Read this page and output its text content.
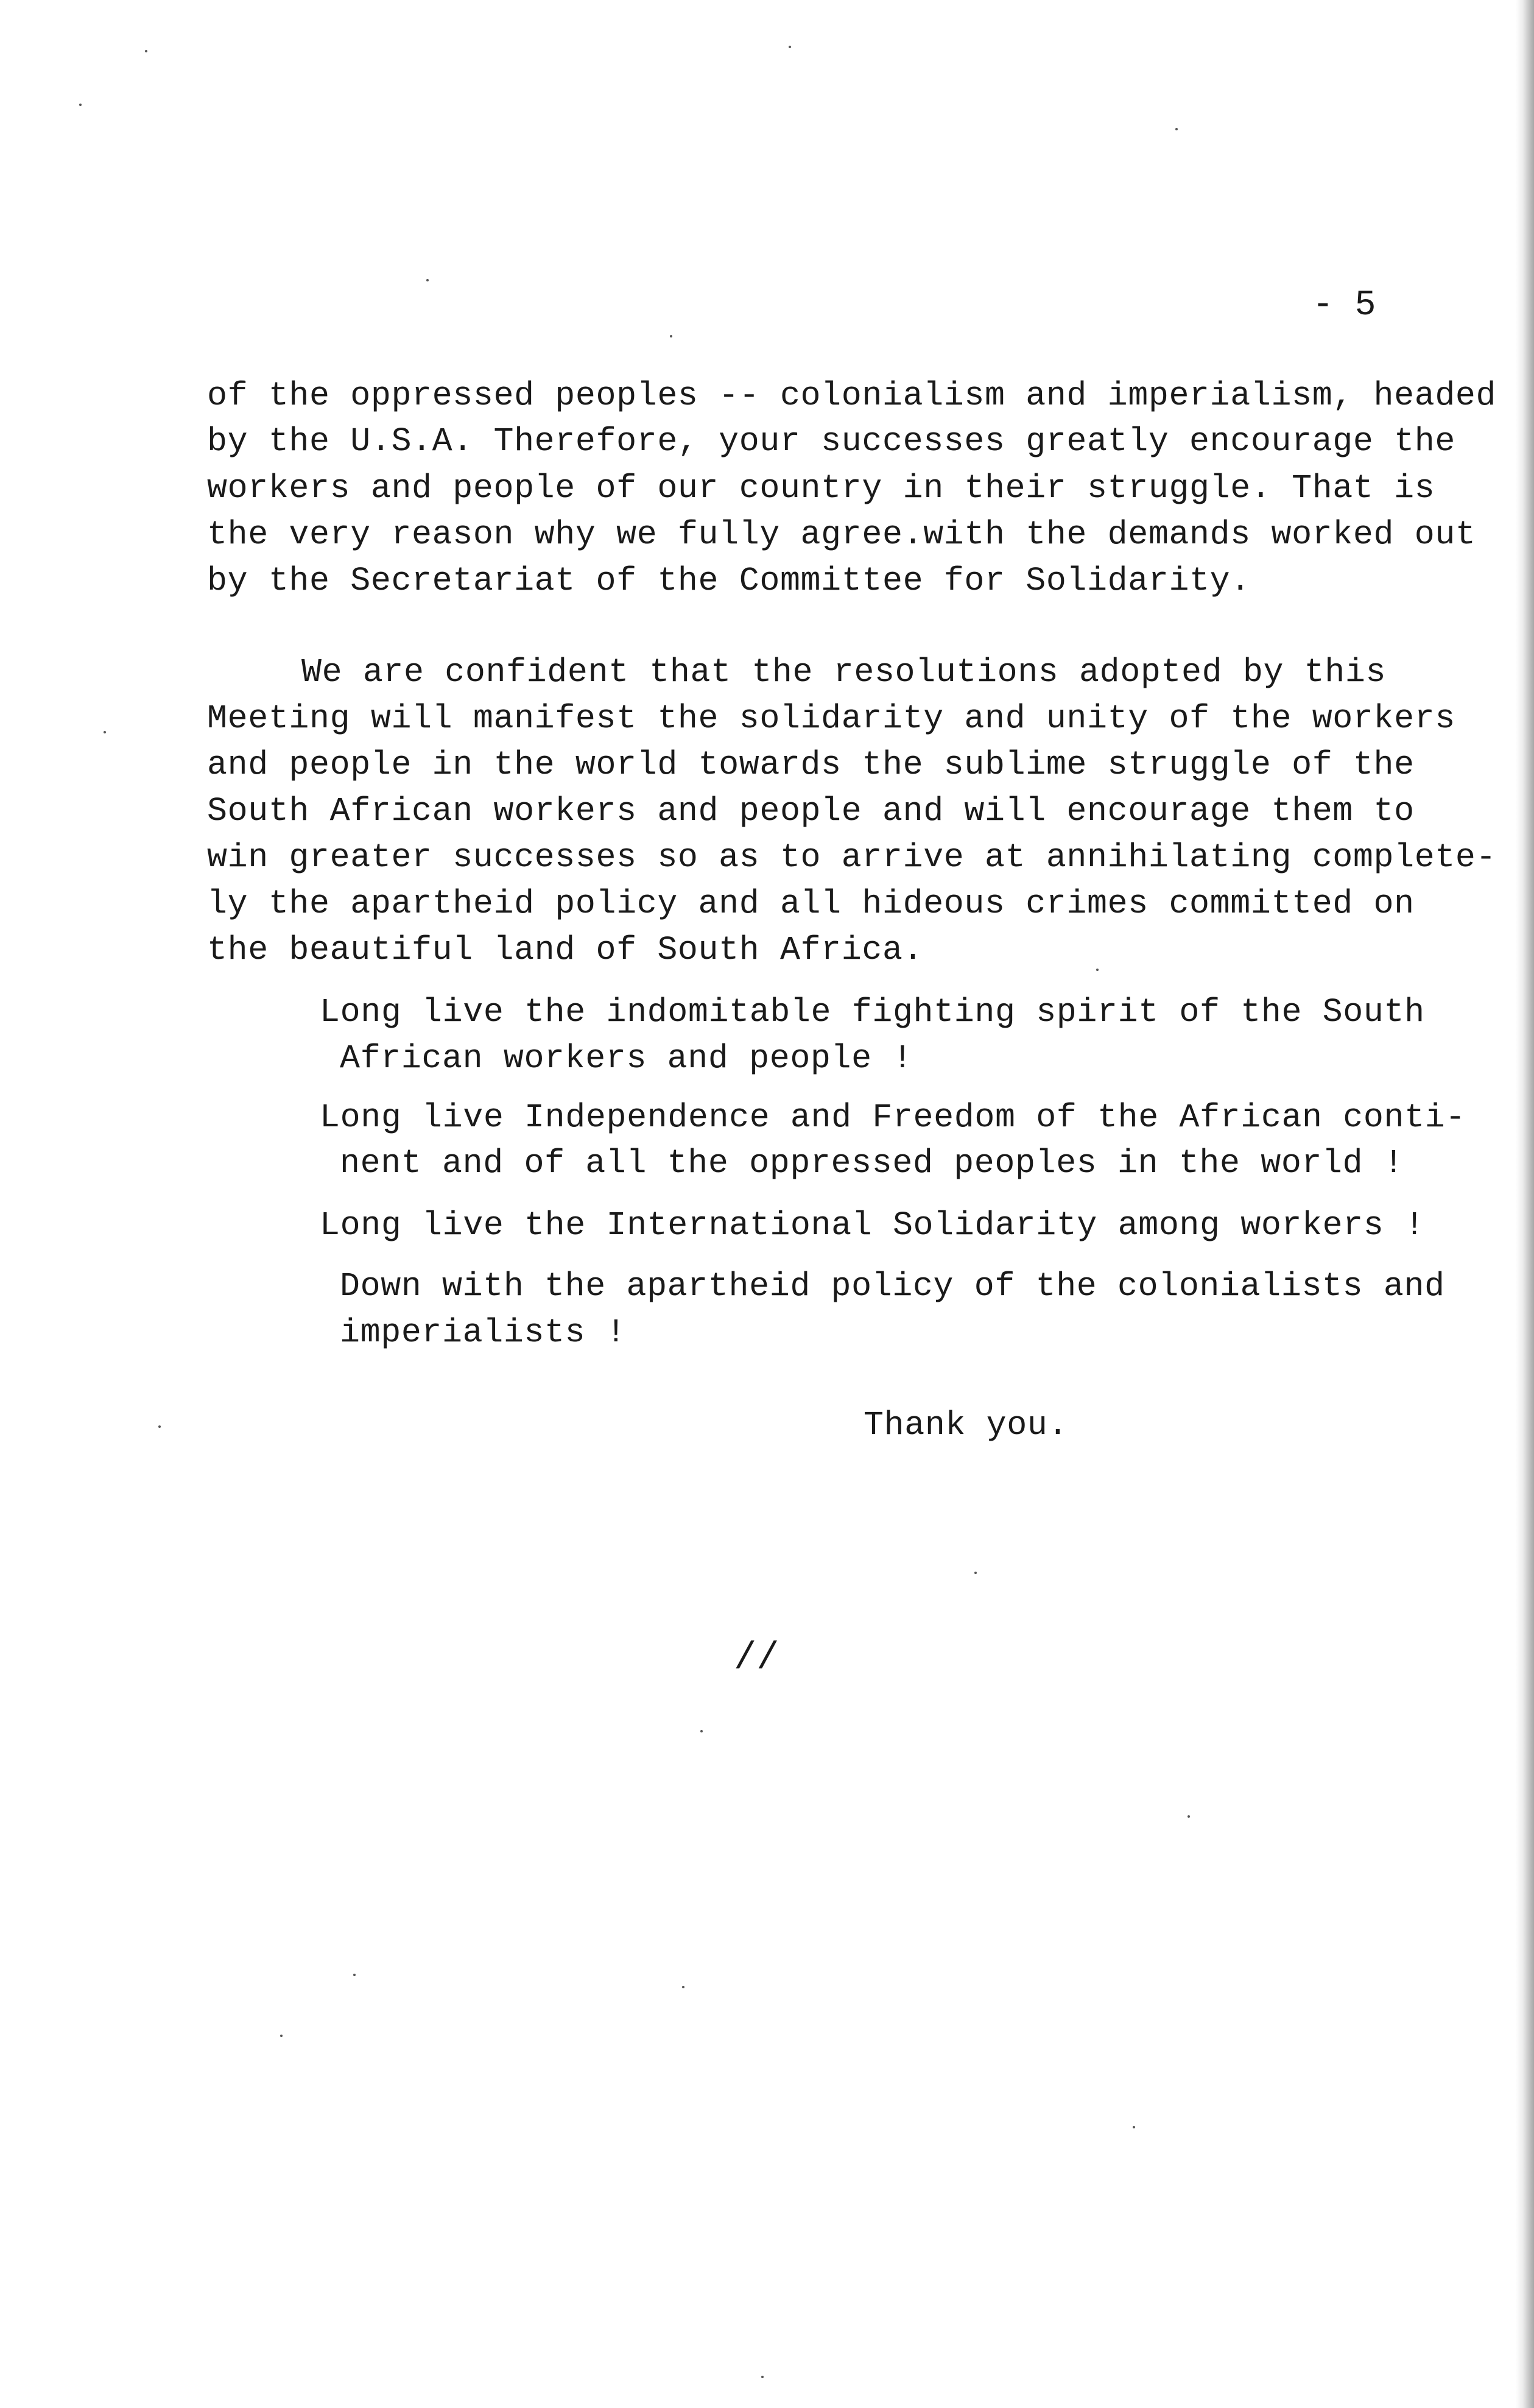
- 5
of the oppressed peoples -- colonialism and imperialism, headed
by the U.S.A. Therefore, your successes greatly encourage the
workers and people of our country in their struggle. That is
the very reason why we fully agree.with the demands worked out
by the Secretariat of the Committee for Solidarity.
We are confident that the resolutions adopted by this
Meeting will manifest the solidarity and unity of the workers
and people in the world towards the sublime struggle of the
South African workers and people and will encourage them to
win greater successes so as to arrive at annihilating complete-
ly the apartheid policy and all hideous crimes committed on
the beautiful land of South Africa.
Long live the indomitable fighting spirit of the South
African workers and people !
Long live Independence and Freedom of the African conti-
nent and of all the oppressed peoples in the world !
Long live the International Solidarity among workers !
Down with the apartheid policy of the colonialists and
imperialists !
Thank you.
//
